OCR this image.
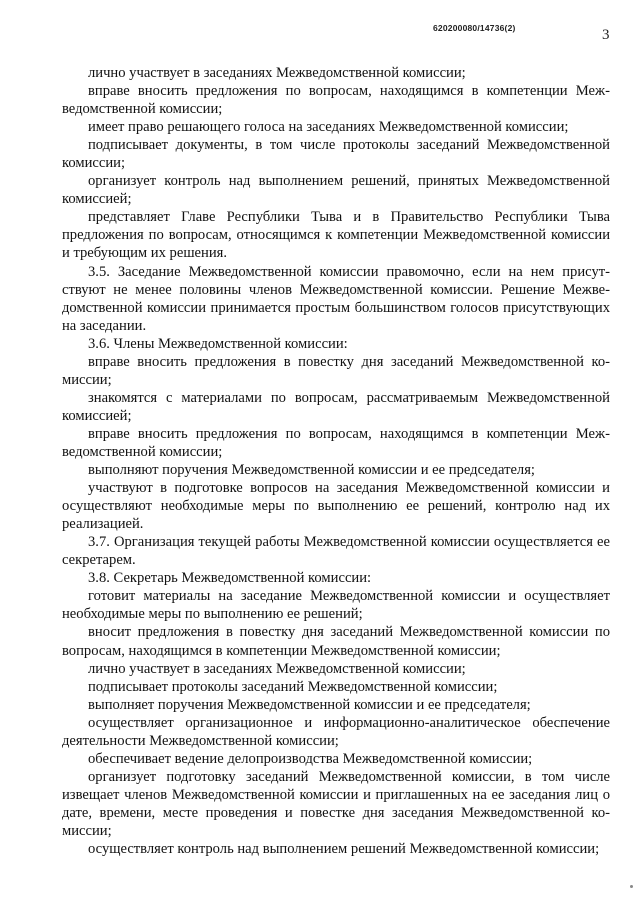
620200080/14736(2)	3

лично участвует в заседаниях Межведомственной комиссии;

вправе вносить предложения по вопросам, находящимся в компетенции Межведомственной комиссии;

имеет право решающего голоса на заседаниях Межведомственной комиссии;

подписывает документы, в том числе протоколы заседаний Межведомственной комиссии;

организует контроль над выполнением решений, принятых Межведомственной комиссией;

представляет Главе Республики Тыва и в Правительство Республики Тыва предложения по вопросам, относящимся к компетенции Межведомственной комиссии и требующим их решения.

3.5. Заседание Межведомственной комиссии правомочно, если на нем присутствуют не менее половины членов Межведомственной комиссии. Решение Межведомственной комиссии принимается простым большинством голосов присутствующих на заседании.

3.6. Члены Межведомственной комиссии:

вправе вносить предложения в повестку дня заседаний Межведомственной комиссии;

знакомятся с материалами по вопросам, рассматриваемым Межведомственной комиссией;

вправе вносить предложения по вопросам, находящимся в компетенции Межведомственной комиссии;

выполняют поручения Межведомственной комиссии и ее председателя;

участвуют в подготовке вопросов на заседания Межведомственной комиссии и осуществляют необходимые меры по выполнению ее решений, контролю над их реализацией.

3.7. Организация текущей работы Межведомственной комиссии осуществляется ее секретарем.

3.8. Секретарь Межведомственной комиссии:

готовит материалы на заседание Межведомственной комиссии и осуществляет необходимые меры по выполнению ее решений;

вносит предложения в повестку дня заседаний Межведомственной комиссии по вопросам, находящимся в компетенции Межведомственной комиссии;

лично участвует в заседаниях Межведомственной комиссии;

подписывает протоколы заседаний Межведомственной комиссии;

выполняет поручения Межведомственной комиссии и ее председателя;

осуществляет организационное и информационно-аналитическое обеспечение деятельности Межведомственной комиссии;

обеспечивает ведение делопроизводства Межведомственной комиссии;

организует подготовку заседаний Межведомственной комиссии, в том числе извещает членов Межведомственной комиссии и приглашенных на ее заседания лиц о дате, времени, месте проведения и повестке дня заседания Межведомственной комиссии;

осуществляет контроль над выполнением решений Межведомственной комиссии;
